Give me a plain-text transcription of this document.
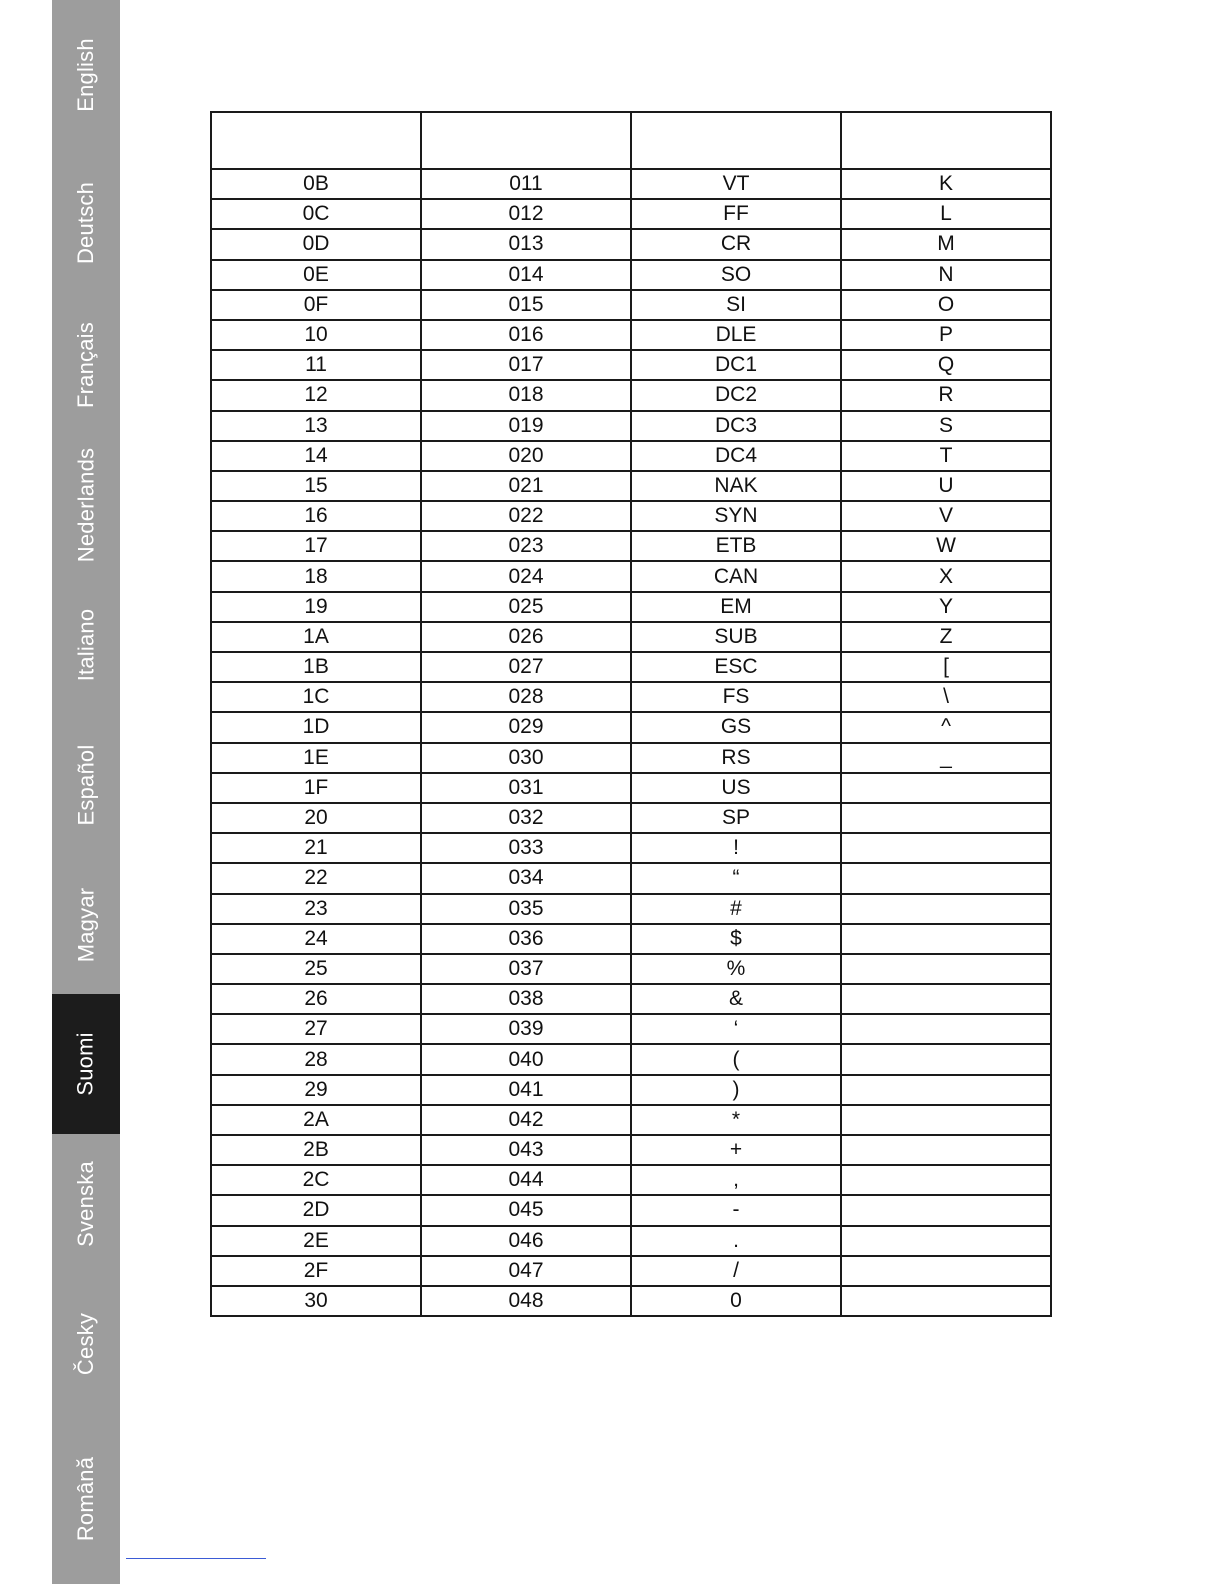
English
Deutsch
Français
Nederlands
Italiano
Español
Magyar
Suomi
Svenska
Česky
Română

0B	011	VT	K
0C	012	FF	L
0D	013	CR	M
0E	014	SO	N
0F	015	SI	O
10	016	DLE	P
11	017	DC1	Q
12	018	DC2	R
13	019	DC3	S
14	020	DC4	T
15	021	NAK	U
16	022	SYN	V
17	023	ETB	W
18	024	CAN	X
19	025	EM	Y
1A	026	SUB	Z
1B	027	ESC	[
1C	028	FS	\
1D	029	GS	^
1E	030	RS	_
1F	031	US	
20	032	SP	
21	033	!	
22	034	“	
23	035	#	
24	036	$	
25	037	%	
26	038	&	
27	039	‘	
28	040	(	
29	041	)	
2A	042	*	
2B	043	+	
2C	044	,	
2D	045	-	
2E	046	.	
2F	047	/	
30	048	0	
